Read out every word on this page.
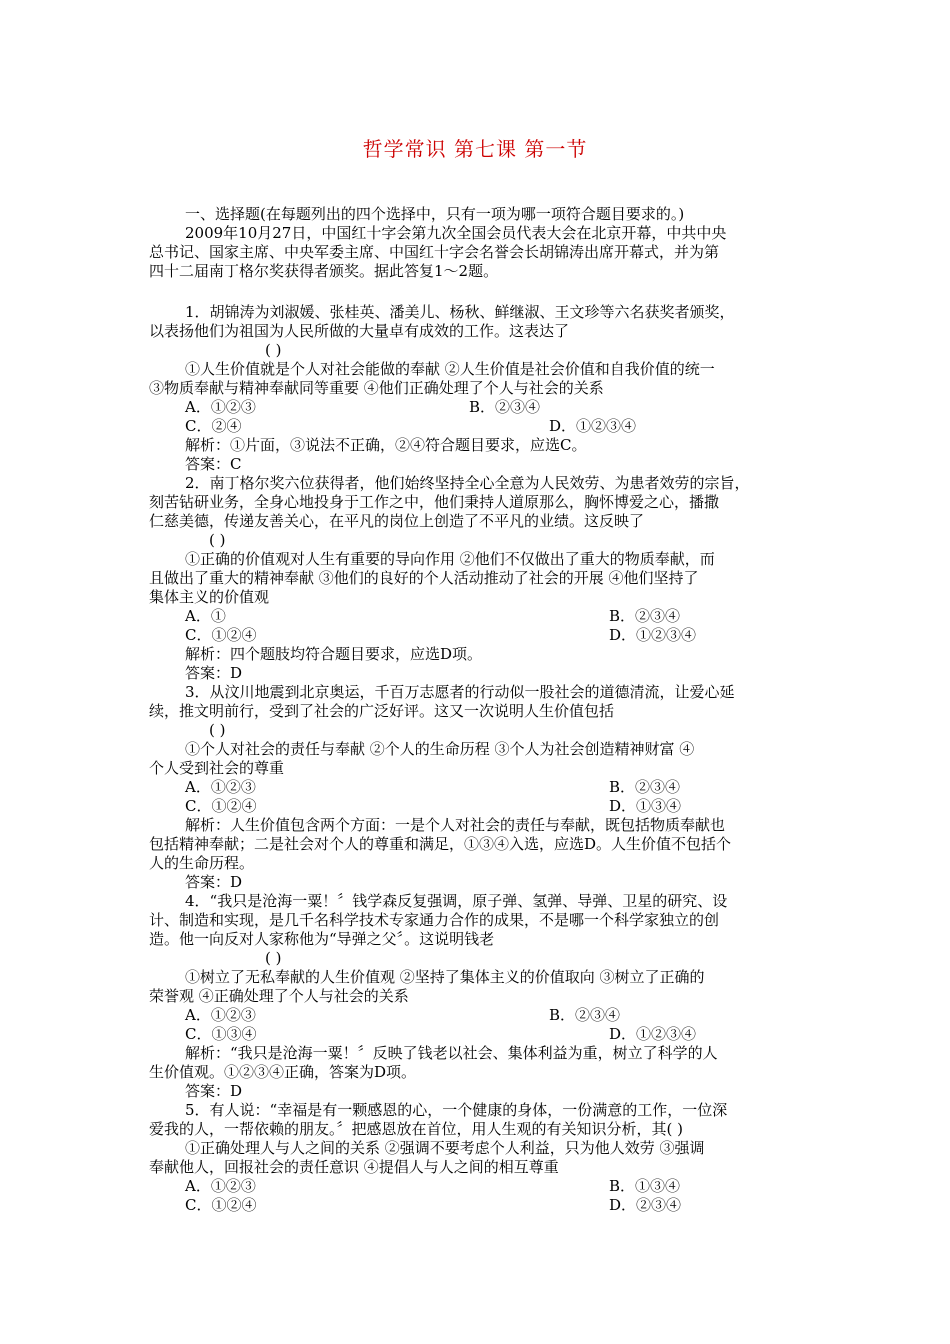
哲学常识 第七课 第一节
一、选择题(在每题列出的四个选择中，只有一项为哪一项符合题目要求的。)
2009年10月27日，中国红十字会第九次全国会员代表大会在北京开幕，中共中央
总书记、国家主席、中央军委主席、中国红十字会名誉会长胡锦涛出席开幕式，并为第
四十二届南丁格尔奖获得者颁奖。据此答复1～2题。
1．胡锦涛为刘淑媛、张桂英、潘美儿、杨秋、鲜继淑、王文珍等六名获奖者颁奖，
以表扬他们为祖国为人民所做的大量卓有成效的工作。这表达了
( )
①人生价值就是个人对社会能做的奉献 ②人生价值是社会价值和自我价值的统一
③物质奉献与精神奉献同等重要 ④他们正确处理了个人与社会的关系
A．①②③	B．②③④
C．②④	D．①②③④
解析：①片面，③说法不正确，②④符合题目要求，应选C。
答案：C
2．南丁格尔奖六位获得者，他们始终坚持全心全意为人民效劳、为患者效劳的宗旨，
刻苦钻研业务，全身心地投身于工作之中，他们秉持人道原那么，胸怀博爱之心，播撒
仁慈美德，传递友善关心，在平凡的岗位上创造了不平凡的业绩。这反映了
( )
①正确的价值观对人生有重要的导向作用 ②他们不仅做出了重大的物质奉献，而
且做出了重大的精神奉献 ③他们的良好的个人活动推动了社会的开展 ④他们坚持了
集体主义的价值观
A．①	B．②③④
C．①②④	D．①②③④
解析：四个题肢均符合题目要求，应选D项。
答案：D
3．从汶川地震到北京奥运，千百万志愿者的行动似一股社会的道德清流，让爱心延
续，推文明前行，受到了社会的广泛好评。这又一次说明人生价值包括
( )
①个人对社会的责任与奉献 ②个人的生命历程 ③个人为社会创造精神财富 ④
个人受到社会的尊重
A．①②③	B．②③④
C．①②④	D．①③④
解析：人生价值包含两个方面：一是个人对社会的责任与奉献，既包括物质奉献也
包括精神奉献；二是社会对个人的尊重和满足，①③④入选，应选D。人生价值不包括个
人的生命历程。
答案：D
4．“我只是沧海一粟！〞钱学森反复强调，原子弹、氢弹、导弹、卫星的研究、设
计、制造和实现，是几千名科学技术专家通力合作的成果，不是哪一个科学家独立的创
造。他一向反对人家称他为“导弹之父〞。这说明钱老
( )
①树立了无私奉献的人生价值观 ②坚持了集体主义的价值取向 ③树立了正确的
荣誉观 ④正确处理了个人与社会的关系
A．①②③	B．②③④
C．①③④	D．①②③④
解析：“我只是沧海一粟！〞反映了钱老以社会、集体利益为重，树立了科学的人
生价值观。①②③④正确，答案为D项。
答案：D
5．有人说：“幸福是有一颗感恩的心，一个健康的身体，一份满意的工作，一位深
爱我的人，一帮依赖的朋友。〞把感恩放在首位，用人生观的有关知识分析，其( )
①正确处理人与人之间的关系 ②强调不要考虑个人利益，只为他人效劳 ③强调
奉献他人，回报社会的责任意识 ④提倡人与人之间的相互尊重
A．①②③	B．①③④
C．①②④	D．②③④
